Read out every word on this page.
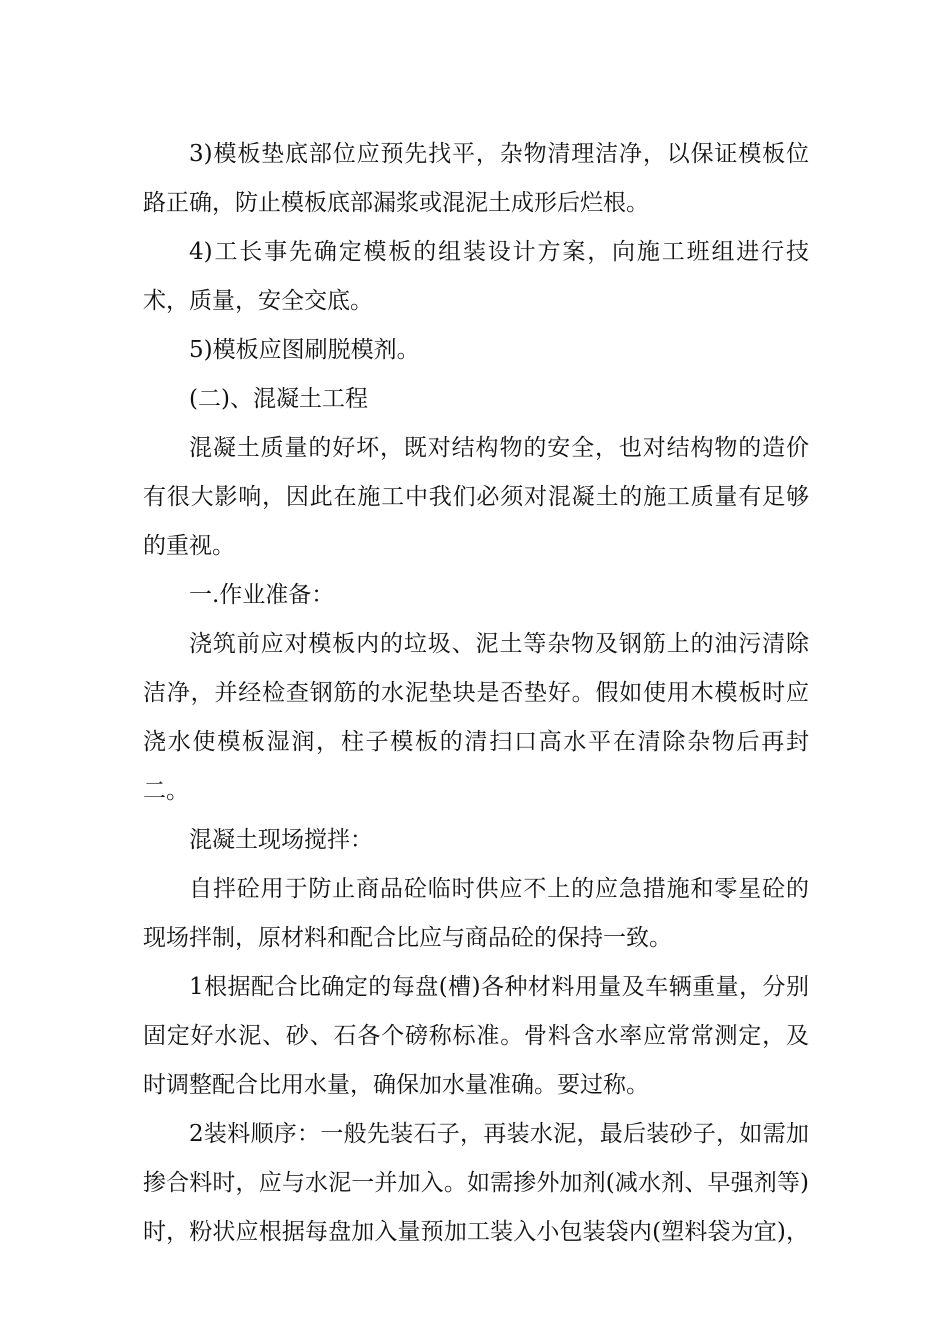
3)模板垫底部位应预先找平，杂物清理洁净，以保证模板位路正确，防止模板底部漏浆或混泥土成形后烂根。

4)工长事先确定模板的组装设计方案，向施工班组进行技术，质量，安全交底。

5)模板应图刷脱模剂。

(二)、混凝土工程

混凝土质量的好坏，既对结构物的安全，也对结构物的造价有很大影响，因此在施工中我们必须对混凝土的施工质量有足够的重视。

一.作业准备：

浇筑前应对模板内的垃圾、泥土等杂物及钢筋上的油污清除洁净，并经检查钢筋的水泥垫块是否垫好。假如使用木模板时应浇水使模板湿润，柱子模板的清扫口高水平在清除杂物后再封二。

混凝土现场搅拌：

自拌砼用于防止商品砼临时供应不上的应急措施和零星砼的现场拌制，原材料和配合比应与商品砼的保持一致。

1根据配合比确定的每盘(槽)各种材料用量及车辆重量，分别固定好水泥、砂、石各个磅称标准。骨料含水率应常常测定，及时调整配合比用水量，确保加水量准确。要过称。

2装料顺序：一般先装石子，再装水泥，最后装砂子，如需加掺合料时，应与水泥一并加入。如需掺外加剂(减水剂、早强剂等)时，粉状应根据每盘加入量预加工装入小包装袋内(塑料袋为宜)，
